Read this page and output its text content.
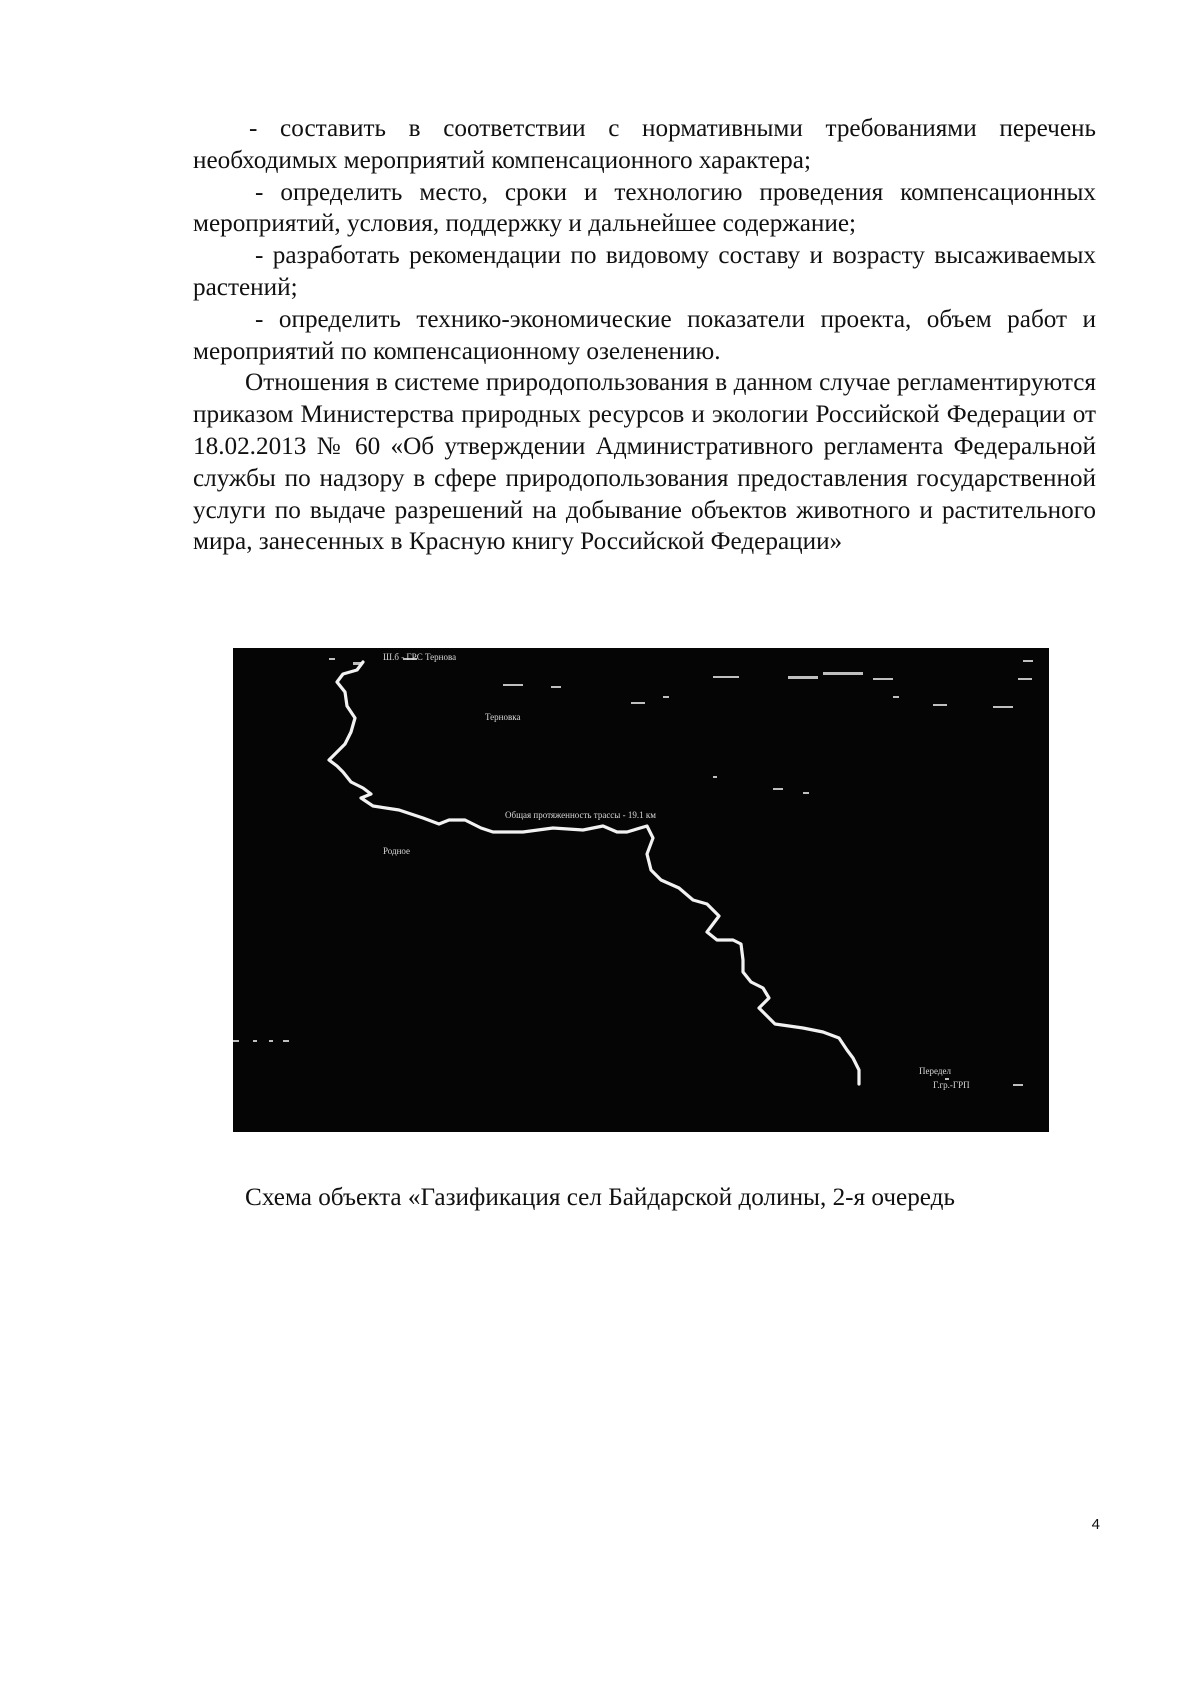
- составить в соответствии с нормативными требованиями перечень необходимых мероприятий компенсационного характера;

- определить место, сроки и технологию проведения компенсационных мероприятий, условия, поддержку и дальнейшее содержание;

- разработать рекомендации по видовому составу и возрасту высаживаемых растений;

- определить технико-экономические показатели проекта, объем работ и мероприятий по компенсационному озеленению.

Отношения в системе природопользования в данном случае регламентируются приказом Министерства природных ресурсов и экологии Российской Федерации от 18.02.2013 № 60 «Об утверждении Административного регламента Федеральной службы по надзору в сфере природопользования предоставления государственной услуги по выдаче разрешений на добывание объектов животного и растительного мира, занесенных в Красную книгу Российской Федерации»

Ш.б - ГРС Тернова
Терновка
Общая протяженность трассы - 19.1 км
Родное
Передел
Г.гр.-ГРП
Схема объекта «Газификация сел Байдарской долины, 2-я очередь
4
